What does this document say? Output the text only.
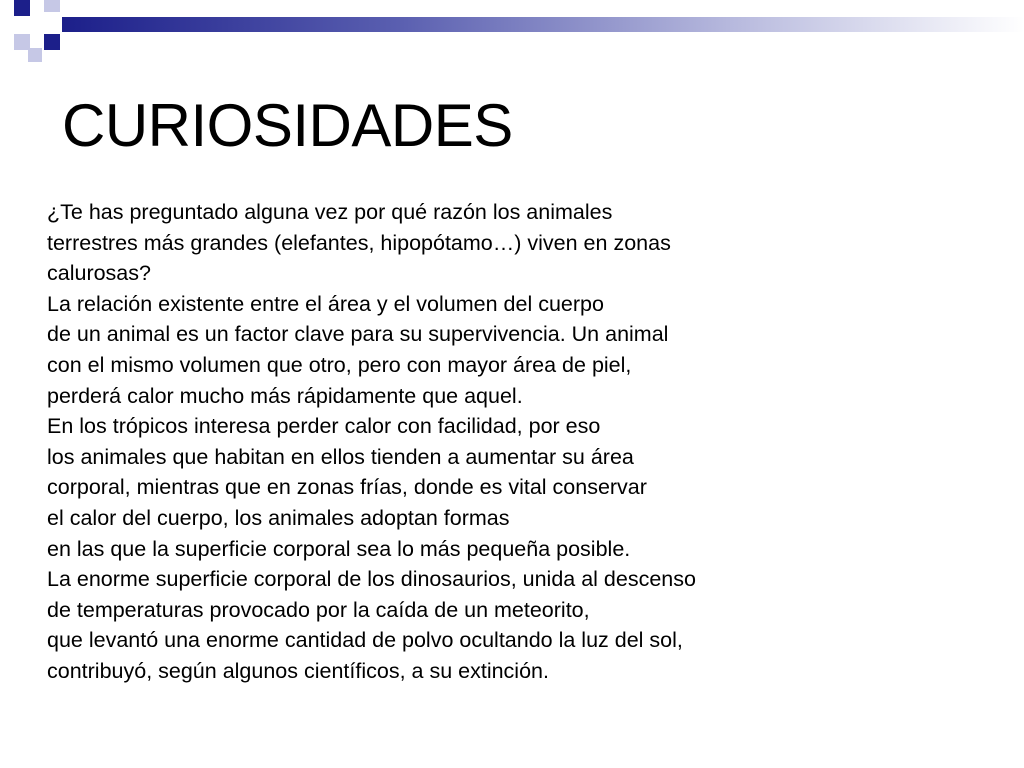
CURIOSIDADES
¿Te has preguntado alguna vez por qué razón los animales
terrestres más grandes (elefantes, hipopótamo…) viven en zonas
calurosas?
La relación existente entre el área y el volumen del cuerpo
de un animal es un factor clave para su supervivencia. Un animal
con el mismo volumen que otro, pero con mayor área de piel,
perderá calor mucho más rápidamente que aquel.
En los trópicos interesa perder calor con facilidad, por eso
los animales que habitan en ellos tienden a aumentar su área
corporal, mientras que en zonas frías, donde es vital conservar
el calor del cuerpo, los animales adoptan formas
en las que la superficie corporal sea lo más pequeña posible.
La enorme superficie corporal de los dinosaurios, unida al descenso
de temperaturas provocado por la caída de un meteorito,
que levantó una enorme cantidad de polvo ocultando la luz del sol,
contribuyó, según algunos científicos, a su extinción.
